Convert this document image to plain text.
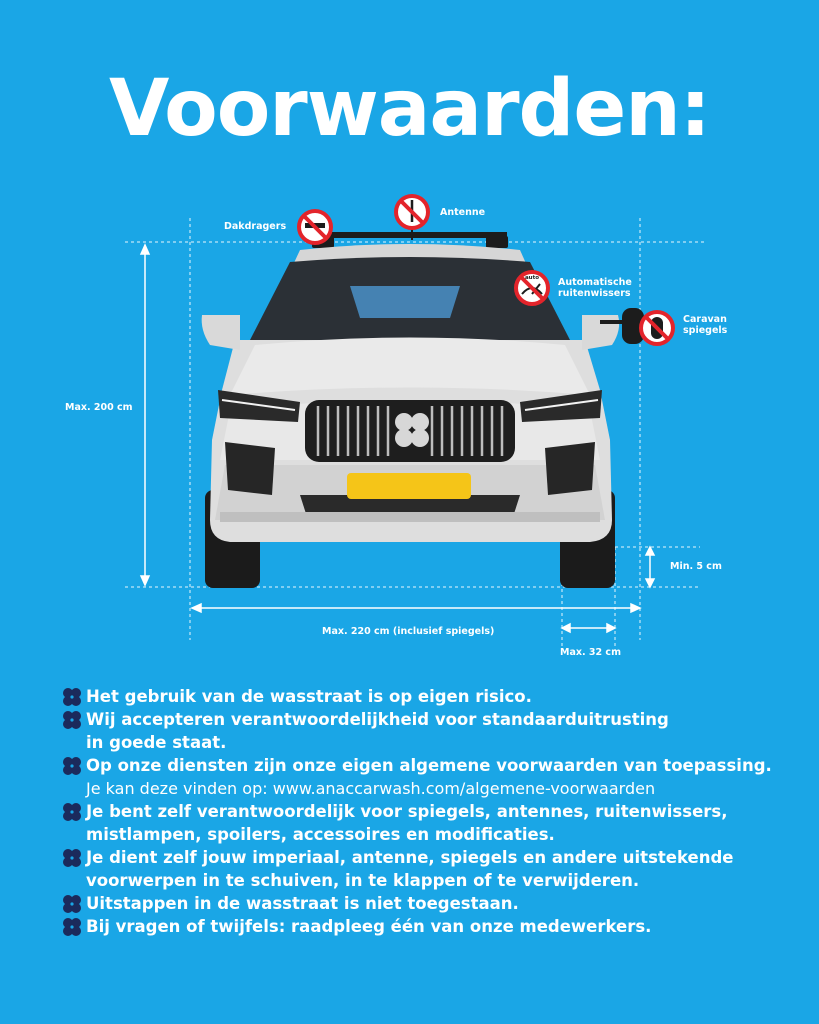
Voorwaarden:
auto
Dakdragers
Antenne
Automatische
ruitenwissers
Caravan
spiegels
Max. 200 cm
Max. 220 cm (inclusief spiegels)
Max. 32 cm
Min. 5 cm
Het gebruik van de wasstraat is op eigen risico.
Wij accepteren verantwoordelijkheid voor standaarduitrusting
in goede staat.
Op onze diensten zijn onze eigen algemene voorwaarden van toepassing.
Je kan deze vinden op: www.anaccarwash.com/algemene-voorwaarden
Je bent zelf verantwoordelijk voor spiegels, antennes, ruitenwissers,
mistlampen, spoilers, accessoires en modificaties.
Je dient zelf jouw imperiaal, antenne, spiegels en andere uitstekende
voorwerpen in te schuiven, in te klappen of te verwijderen.
Uitstappen in de wasstraat is niet toegestaan.
Bij vragen of twijfels: raadpleeg één van onze medewerkers.
